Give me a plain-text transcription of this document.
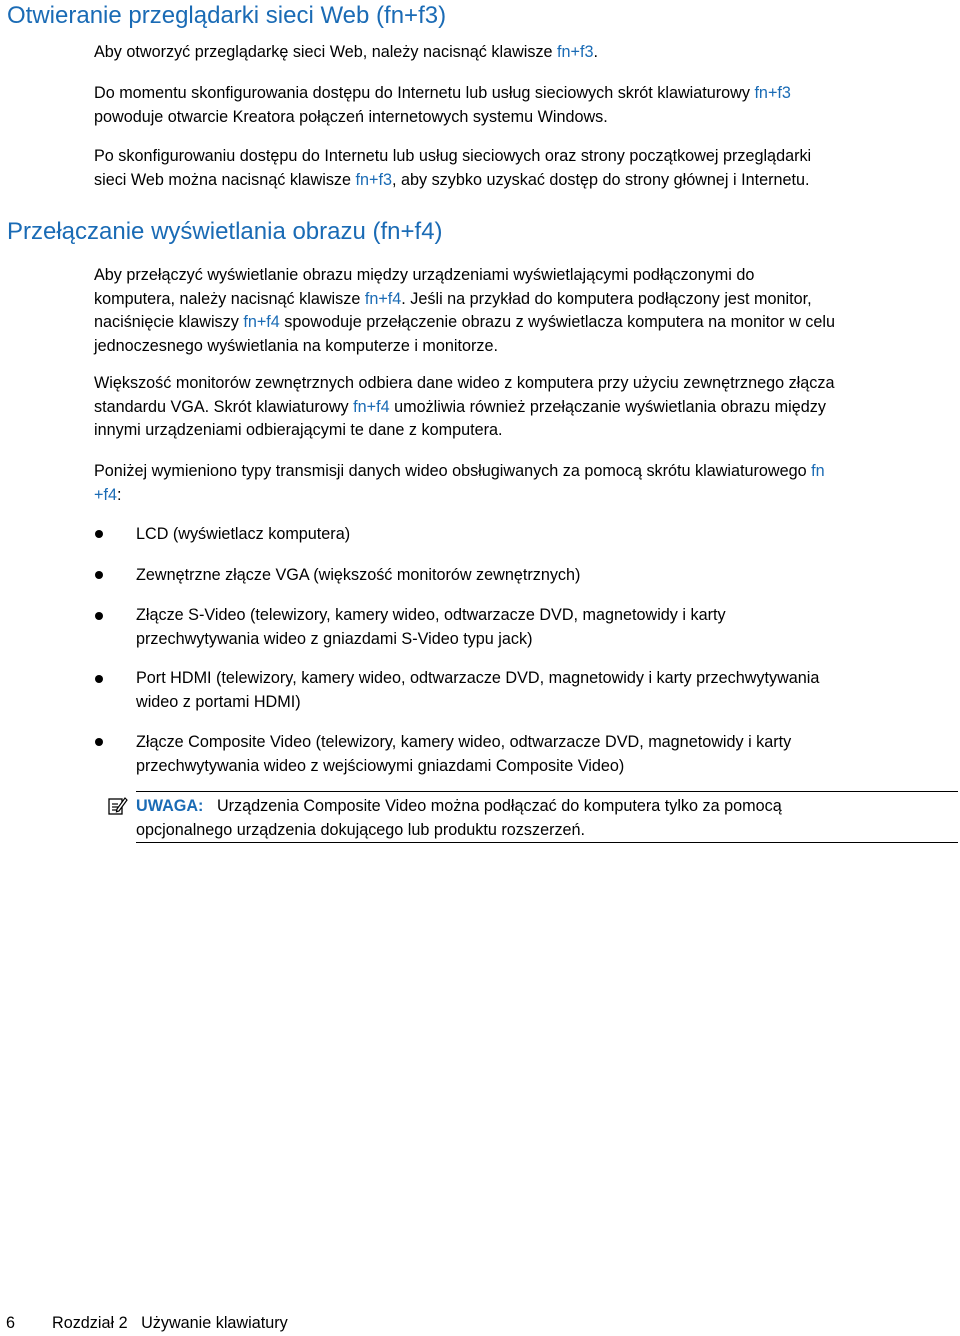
Otwieranie przeglądarki sieci Web (fn+f3)

Aby otworzyć przeglądarkę sieci Web, należy nacisnąć klawisze fn+f3.

Do momentu skonfigurowania dostępu do Internetu lub usług sieciowych skrót klawiaturowy fn+f3
powoduje otwarcie Kreatora połączeń internetowych systemu Windows.

Po skonfigurowaniu dostępu do Internetu lub usług sieciowych oraz strony początkowej przeglądarki
sieci Web można nacisnąć klawisze fn+f3, aby szybko uzyskać dostęp do strony głównej i Internetu.

Przełączanie wyświetlania obrazu (fn+f4)

Aby przełączyć wyświetlanie obrazu między urządzeniami wyświetlającymi podłączonymi do
komputera, należy nacisnąć klawisze fn+f4. Jeśli na przykład do komputera podłączony jest monitor,
naciśnięcie klawiszy fn+f4 spowoduje przełączenie obrazu z wyświetlacza komputera na monitor w celu
jednoczesnego wyświetlania na komputerze i monitorze.

Większość monitorów zewnętrznych odbiera dane wideo z komputera przy użyciu zewnętrznego złącza
standardu VGA. Skrót klawiaturowy fn+f4 umożliwia również przełączanie wyświetlania obrazu między
innymi urządzeniami odbierającymi te dane z komputera.

Poniżej wymieniono typy transmisji danych wideo obsługiwanych za pomocą skrótu klawiaturowego fn
+f4:

LCD (wyświetlacz komputera)

Zewnętrzne złącze VGA (większość monitorów zewnętrznych)

Złącze S-Video (telewizory, kamery wideo, odtwarzacze DVD, magnetowidy i karty
przechwytywania wideo z gniazdami S-Video typu jack)

Port HDMI (telewizory, kamery wideo, odtwarzacze DVD, magnetowidy i karty przechwytywania
wideo z portami HDMI)

Złącze Composite Video (telewizory, kamery wideo, odtwarzacze DVD, magnetowidy i karty
przechwytywania wideo z wejściowymi gniazdami Composite Video)

UWAGA: Urządzenia Composite Video można podłączać do komputera tylko za pomocą
opcjonalnego urządzenia dokującego lub produktu rozszerzeń.

6 Rozdział 2   Używanie klawiatury
